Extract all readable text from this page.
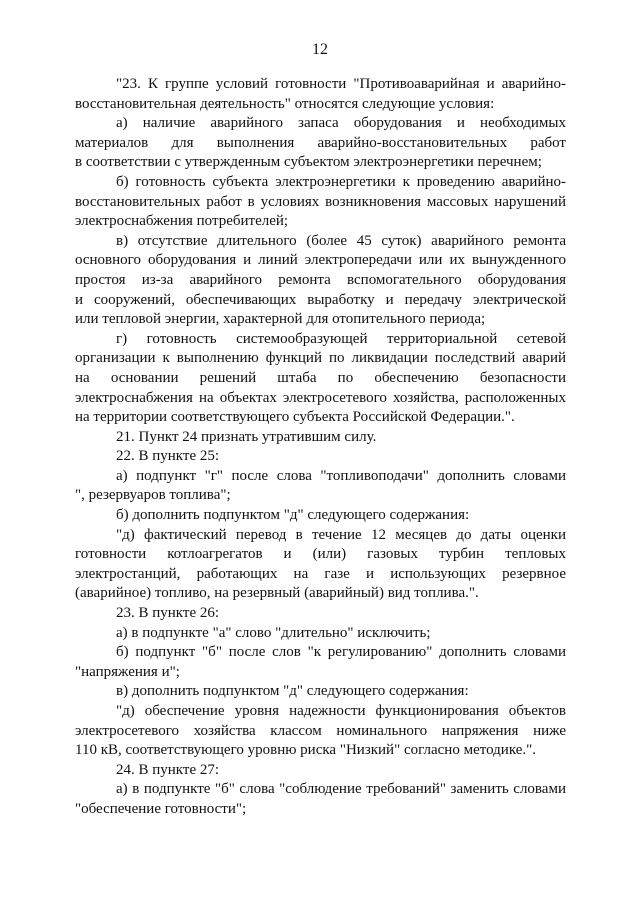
12
"23. К группе условий готовности "Противоаварийная и аварийно-
восстановительная деятельность" относятся следующие условия:
а) наличие аварийного запаса оборудования и необходимых
материалов для выполнения аварийно-восстановительных работ
в соответствии с утвержденным субъектом электроэнергетики перечнем;
б) готовность субъекта электроэнергетики к проведению аварийно-
восстановительных работ в условиях возникновения массовых нарушений
электроснабжения потребителей;
в) отсутствие длительного (более 45 суток) аварийного ремонта
основного оборудования и линий электропередачи или их вынужденного
простоя из-за аварийного ремонта вспомогательного оборудования
и сооружений, обеспечивающих выработку и передачу электрической
или тепловой энергии, характерной для отопительного периода;
г) готовность системообразующей территориальной сетевой
организации к выполнению функций по ликвидации последствий аварий
на основании решений штаба по обеспечению безопасности
электроснабжения на объектах электросетевого хозяйства, расположенных
на территории соответствующего субъекта Российской Федерации.".
21. Пункт 24 признать утратившим силу.
22. В пункте 25:
а) подпункт "г" после слова "топливоподачи" дополнить словами
", резервуаров топлива";
б) дополнить подпунктом "д" следующего содержания:
"д) фактический перевод в течение 12 месяцев до даты оценки
готовности котлоагрегатов и (или) газовых турбин тепловых
электростанций, работающих на газе и использующих резервное
(аварийное) топливо, на резервный (аварийный) вид топлива.".
23. В пункте 26:
а) в подпункте "а" слово "длительно" исключить;
б) подпункт "б" после слов "к регулированию" дополнить словами
"напряжения и";
в) дополнить подпунктом "д" следующего содержания:
"д) обеспечение уровня надежности функционирования объектов
электросетевого хозяйства классом номинального напряжения ниже
110 кВ, соответствующего уровню риска "Низкий" согласно методике.".
24. В пункте 27:
а) в подпункте "б" слова "соблюдение требований" заменить словами
"обеспечение готовности";
